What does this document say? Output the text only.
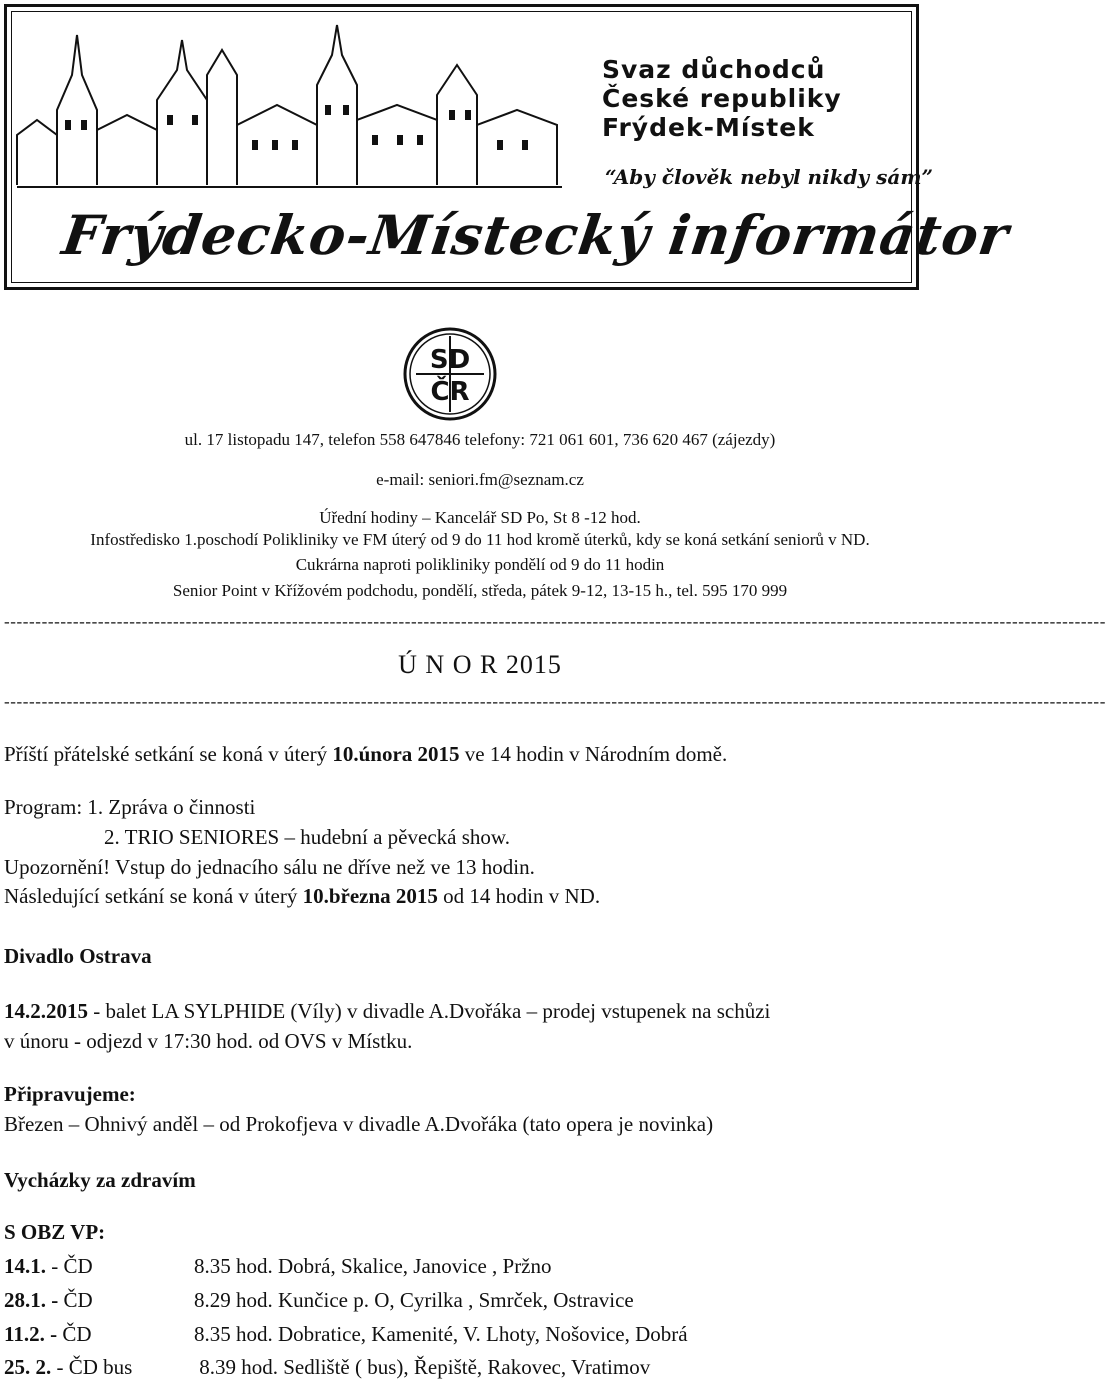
Svaz důchodců
České republiky
Frýdek-Místek
“Aby člověk nebyl nikdy sám”
Frýdecko-Místecký informátor
SD
ČR
ul. 17 listopadu 147, telefon 558 647846 telefony: 721 061 601, 736 620 467 (zájezdy)
e-mail: seniori.fm@seznam.cz
Úřední hodiny – Kancelář SD Po, St 8 -12 hod.
Infostředisko 1.poschodí Polikliniky ve FM úterý od 9 do 11 hod kromě úterků, kdy se koná setkání seniorů v ND.
Cukrárna naproti polikliniky pondělí od 9 do 11 hodin
Senior Point v Křížovém podchodu, pondělí, středa, pátek 9-12, 13-15 h., tel. 595 170 999
--------------------------------------------------------------------------------------------------------------------------------------------------------------------------------
Ú N O R 2015
--------------------------------------------------------------------------------------------------------------------------------------------------------------------------------
Příští přátelské setkání se koná v úterý 10.února 2015 ve 14 hodin v Národním domě.
Program: 1. Zpráva o činnosti
2. TRIO SENIORES – hudební a pěvecká show.
Upozornění! Vstup do jednacího sálu ne dříve než ve 13 hodin.
Následující setkání se koná v úterý 10.března 2015 od 14 hodin v ND.
Divadlo Ostrava
14.2.2015 - balet LA SYLPHIDE (Víly) v divadle A.Dvořáka – prodej vstupenek na schůzi
v únoru - odjezd v 17:30 hod. od OVS v Místku.
Připravujeme:
Březen – Ohnivý anděl – od Prokofjeva v divadle A.Dvořáka (tato opera je novinka)
Vycházky za zdravím
S OBZ VP:
14.1. - ČD	8.35 hod. Dobrá, Skalice, Janovice , Pržno
28.1. - ČD	8.29 hod. Kunčice p. O, Cyrilka , Smrček, Ostravice
11.2. - ČD	8.35 hod. Dobratice, Kamenité, V. Lhoty, Nošovice, Dobrá
25. 2. - ČD bus	8.39 hod. Sedliště ( bus), Řepiště, Rakovec, Vratimov
